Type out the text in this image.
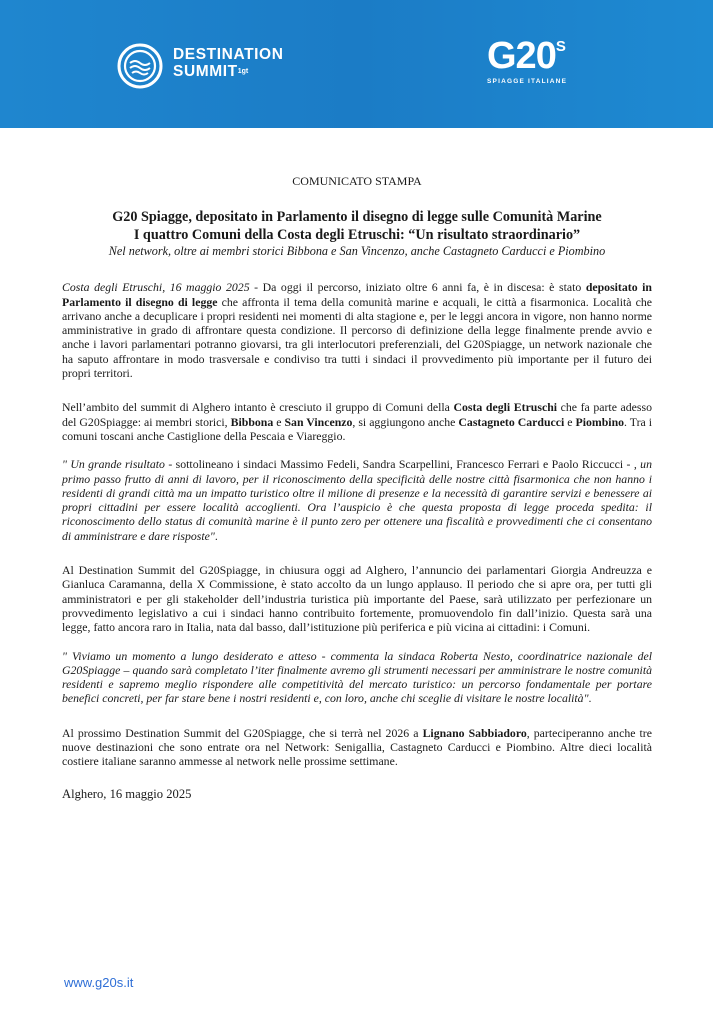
DESTINATION
$SUMMIT^{1gt}$	G20S
SPIAGGE ITALIANE
COMUNICATO STAMPA
G20 Spiagge, depositato in Parlamento il disegno di legge sulle Comunità Marine
I quattro Comuni della Costa degli Etruschi: “Un risultato straordinario”
Nel network, oltre ai membri storici Bibbona e San Vincenzo, anche Castagneto Carducci e Piombino

Costa degli Etruschi, 16 maggio 2025 - Da oggi il percorso, iniziato oltre 6 anni fa, è in discesa: è stato depositato in Parlamento il disegno di legge che affronta il tema della comunità marine e acquali, le città a fisarmonica. Località che arrivano anche a decuplicare i propri residenti nei momenti di alta stagione e, per le leggi ancora in vigore, non hanno norme amministrative in grado di affrontare questa condizione. Il percorso di definizione della legge finalmente prende avvio e anche i lavori parlamentari potranno giovarsi, tra gli interlocutori preferenziali, del G20Spiagge, un network nazionale che ha saputo affrontare in modo trasversale e condiviso tra tutti i sindaci il provvedimento più importante per il futuro dei propri territori.

Nell’ambito del summit di Alghero intanto è cresciuto il gruppo di Comuni della Costa degli Etruschi che fa parte adesso del G20Spiagge: ai membri storici, Bibbona e San Vincenzo, si aggiungono anche Castagneto Carducci e Piombino. Tra i comuni toscani anche Castiglione della Pescaia e Viareggio.

" Un grande risultato - sottolineano i sindaci Massimo Fedeli, Sandra Scarpellini, Francesco Ferrari e Paolo Riccucci - , un primo passo frutto di anni di lavoro, per il riconoscimento della specificità delle nostre città fisarmonica che non hanno i residenti di grandi città ma un impatto turistico oltre il milione di presenze e la necessità di garantire servizi e benessere ai propri cittadini per essere località accoglienti. Ora l’auspicio è che questa proposta di legge proceda spedita: il riconoscimento dello status di comunità marine è il punto zero per ottenere una fiscalità e provvedimenti che ci consentano di amministrare e dare risposte".

Al Destination Summit del G20Spiagge, in chiusura oggi ad Alghero, l’annuncio dei parlamentari Giorgia Andreuzza e Gianluca Caramanna, della X Commissione, è stato accolto da un lungo applauso. Il periodo che si apre ora, per tutti gli amministratori e per gli stakeholder dell’industria turistica più importante del Paese, sarà utilizzato per perfezionare un provvedimento legislativo a cui i sindaci hanno contribuito fortemente, promuovendolo fin dall’inizio. Questa sarà una legge, fatto ancora raro in Italia, nata dal basso, dall’istituzione più periferica e più vicina ai cittadini: i Comuni.

" Viviamo un momento a lungo desiderato e atteso - commenta la sindaca Roberta Nesto, coordinatrice nazionale del G20Spiagge – quando sarà completato l’iter finalmente avremo gli strumenti necessari per amministrare le nostre comunità residenti e sapremo meglio rispondere alle competitività del mercato turistico: un percorso fondamentale per portare benefici concreti, per far stare bene i nostri residenti e, con loro, anche chi sceglie di visitare le nostre località".

Al prossimo Destination Summit del G20Spiagge, che si terrà nel 2026 a Lignano Sabbiadoro, parteciperanno anche tre nuove destinazioni che sono entrate ora nel Network: Senigallia, Castagneto Carducci e Piombino. Altre dieci località costiere italiane saranno ammesse al network nelle prossime settimane.

Alghero, 16 maggio 2025
www.g20s.it
